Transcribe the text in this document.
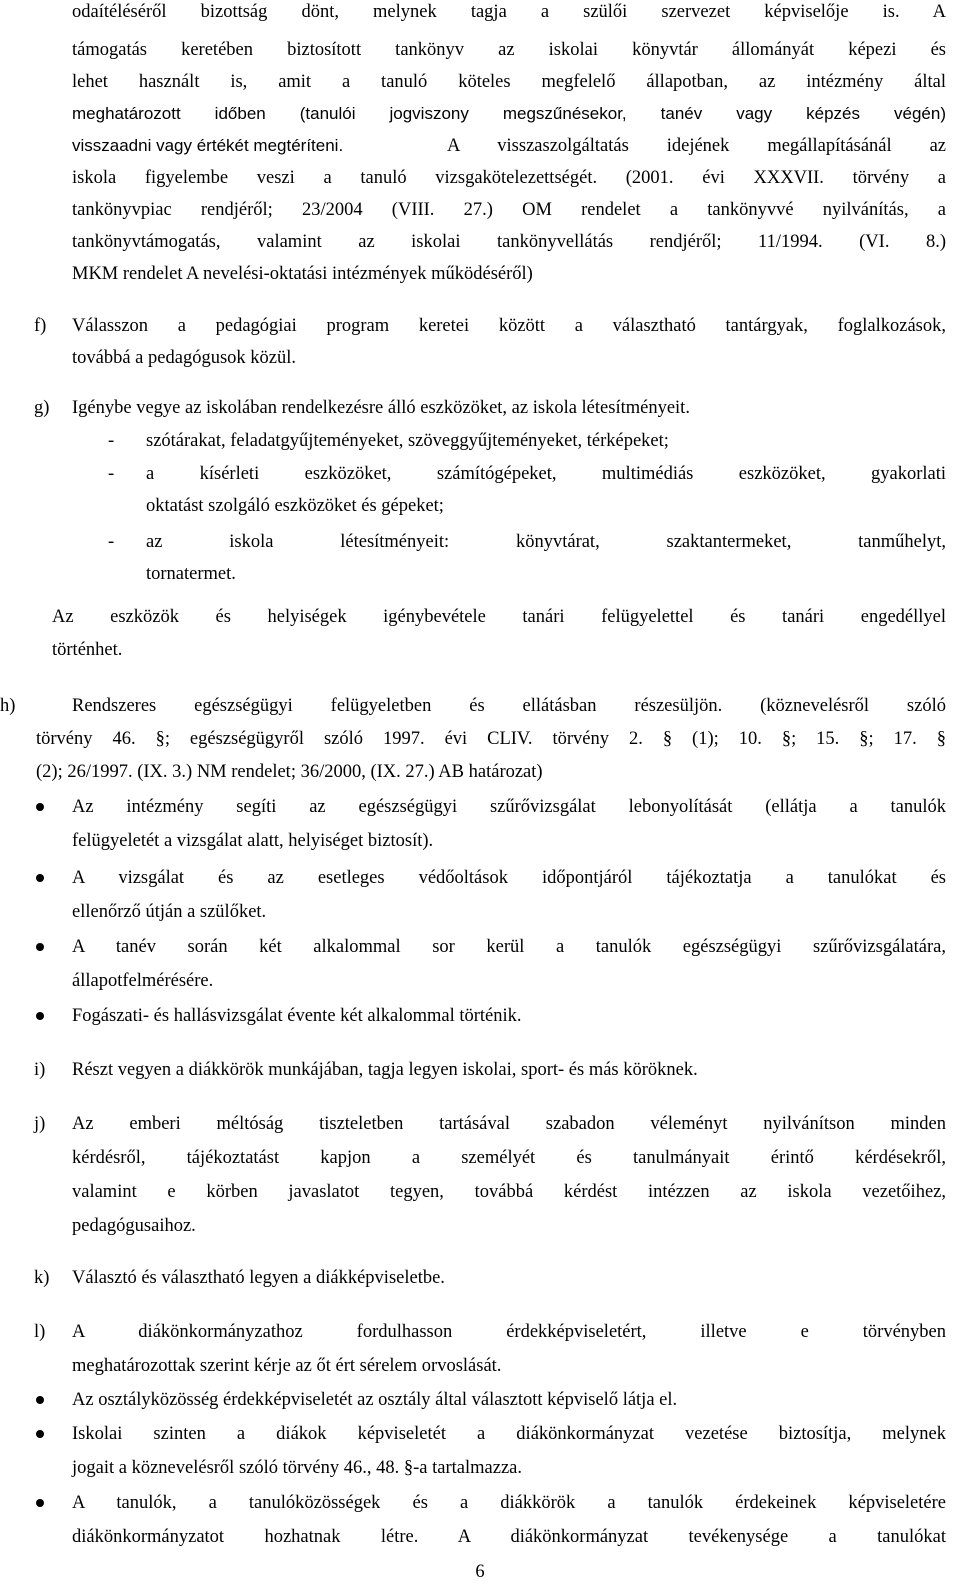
odaítéléséről bizottság dönt, melynek tagja a szülői szervezet képviselője is. A
támogatás keretében biztosított tankönyv az iskolai könyvtár állományát képezi és
lehet használt is, amit a tanuló köteles megfelelő állapotban, az intézmény által
meghatározott időben (tanulói jogviszony megszűnésekor, tanév vagy képzés végén)
visszaadni vagy értékét megtéríteni.	A visszaszolgáltatás idejének megállapításánál az
iskola figyelembe veszi a tanuló vizsgakötelezettségét. (2001. évi XXXVII. törvény a
tankönyvpiac rendjéről; 23/2004 (VIII. 27.) OM rendelet a tankönyvvé nyilvánítás, a
tankönyvtámogatás, valamint az iskolai tankönyvellátás rendjéről; 11/1994. (VI. 8.)
MKM rendelet A nevelési-oktatási intézmények működéséről)
f) Válasszon a pedagógiai program keretei között a választható tantárgyak, foglalkozások,
továbbá a pedagógusok közül.
g) Igénybe vegye az iskolában rendelkezésre álló eszközöket, az iskola létesítményeit.
- szótárakat, feladatgyűjteményeket, szöveggyűjteményeket, térképeket;
- a kísérleti eszközöket, számítógépeket, multimédiás eszközöket, gyakorlati
oktatást szolgáló eszközöket és gépeket;
- az iskola létesítményeit: könyvtárat, szaktantermeket, tanműhelyt,
tornatermet.
Az eszközök és helyiségek igénybevétele tanári felügyelettel és tanári engedéllyel
történhet.
h)	Rendszeres egészségügyi felügyeletben és ellátásban részesüljön. (köznevelésről szóló
törvény 46. §; egészségügyről szóló 1997. évi CLIV. törvény 2. § (1); 10. §; 15. §; 17. §
(2); 26/1997. (IX. 3.) NM rendelet; 36/2000, (IX. 27.) AB határozat)
Az intézmény segíti az egészségügyi szűrővizsgálat lebonyolítását (ellátja a tanulók
felügyeletét a vizsgálat alatt, helyiséget biztosít).
A vizsgálat és az esetleges védőoltások időpontjáról tájékoztatja a tanulókat és
ellenőrző útján a szülőket.
A tanév során két alkalommal sor kerül a tanulók egészségügyi szűrővizsgálatára,
állapotfelmérésére.
Fogászati- és hallásvizsgálat évente két alkalommal történik.
i) Részt vegyen a diákkörök munkájában, tagja legyen iskolai, sport- és más köröknek.
j) Az emberi méltóság tiszteletben tartásával szabadon véleményt nyilvánítson minden
kérdésről, tájékoztatást kapjon a személyét és tanulmányait érintő kérdésekről,
valamint e körben javaslatot tegyen, továbbá kérdést intézzen az iskola vezetőihez,
pedagógusaihoz.
k) Választó és választható legyen a diákképviseletbe.
l) A diákönkormányzathoz fordulhasson érdekképviseletért, illetve e törvényben
meghatározottak szerint kérje az őt ért sérelem orvoslását.
Az osztályközösség érdekképviseletét az osztály által választott képviselő látja el.
Iskolai szinten a diákok képviseletét a diákönkormányzat vezetése biztosítja, melynek
jogait a köznevelésről szóló törvény 46., 48. §-a tartalmazza.
A tanulók, a tanulóközösségek és a diákkörök a tanulók érdekeinek képviseletére
diákönkormányzatot hozhatnak létre. A diákönkormányzat tevékenysége a tanulókat
6
